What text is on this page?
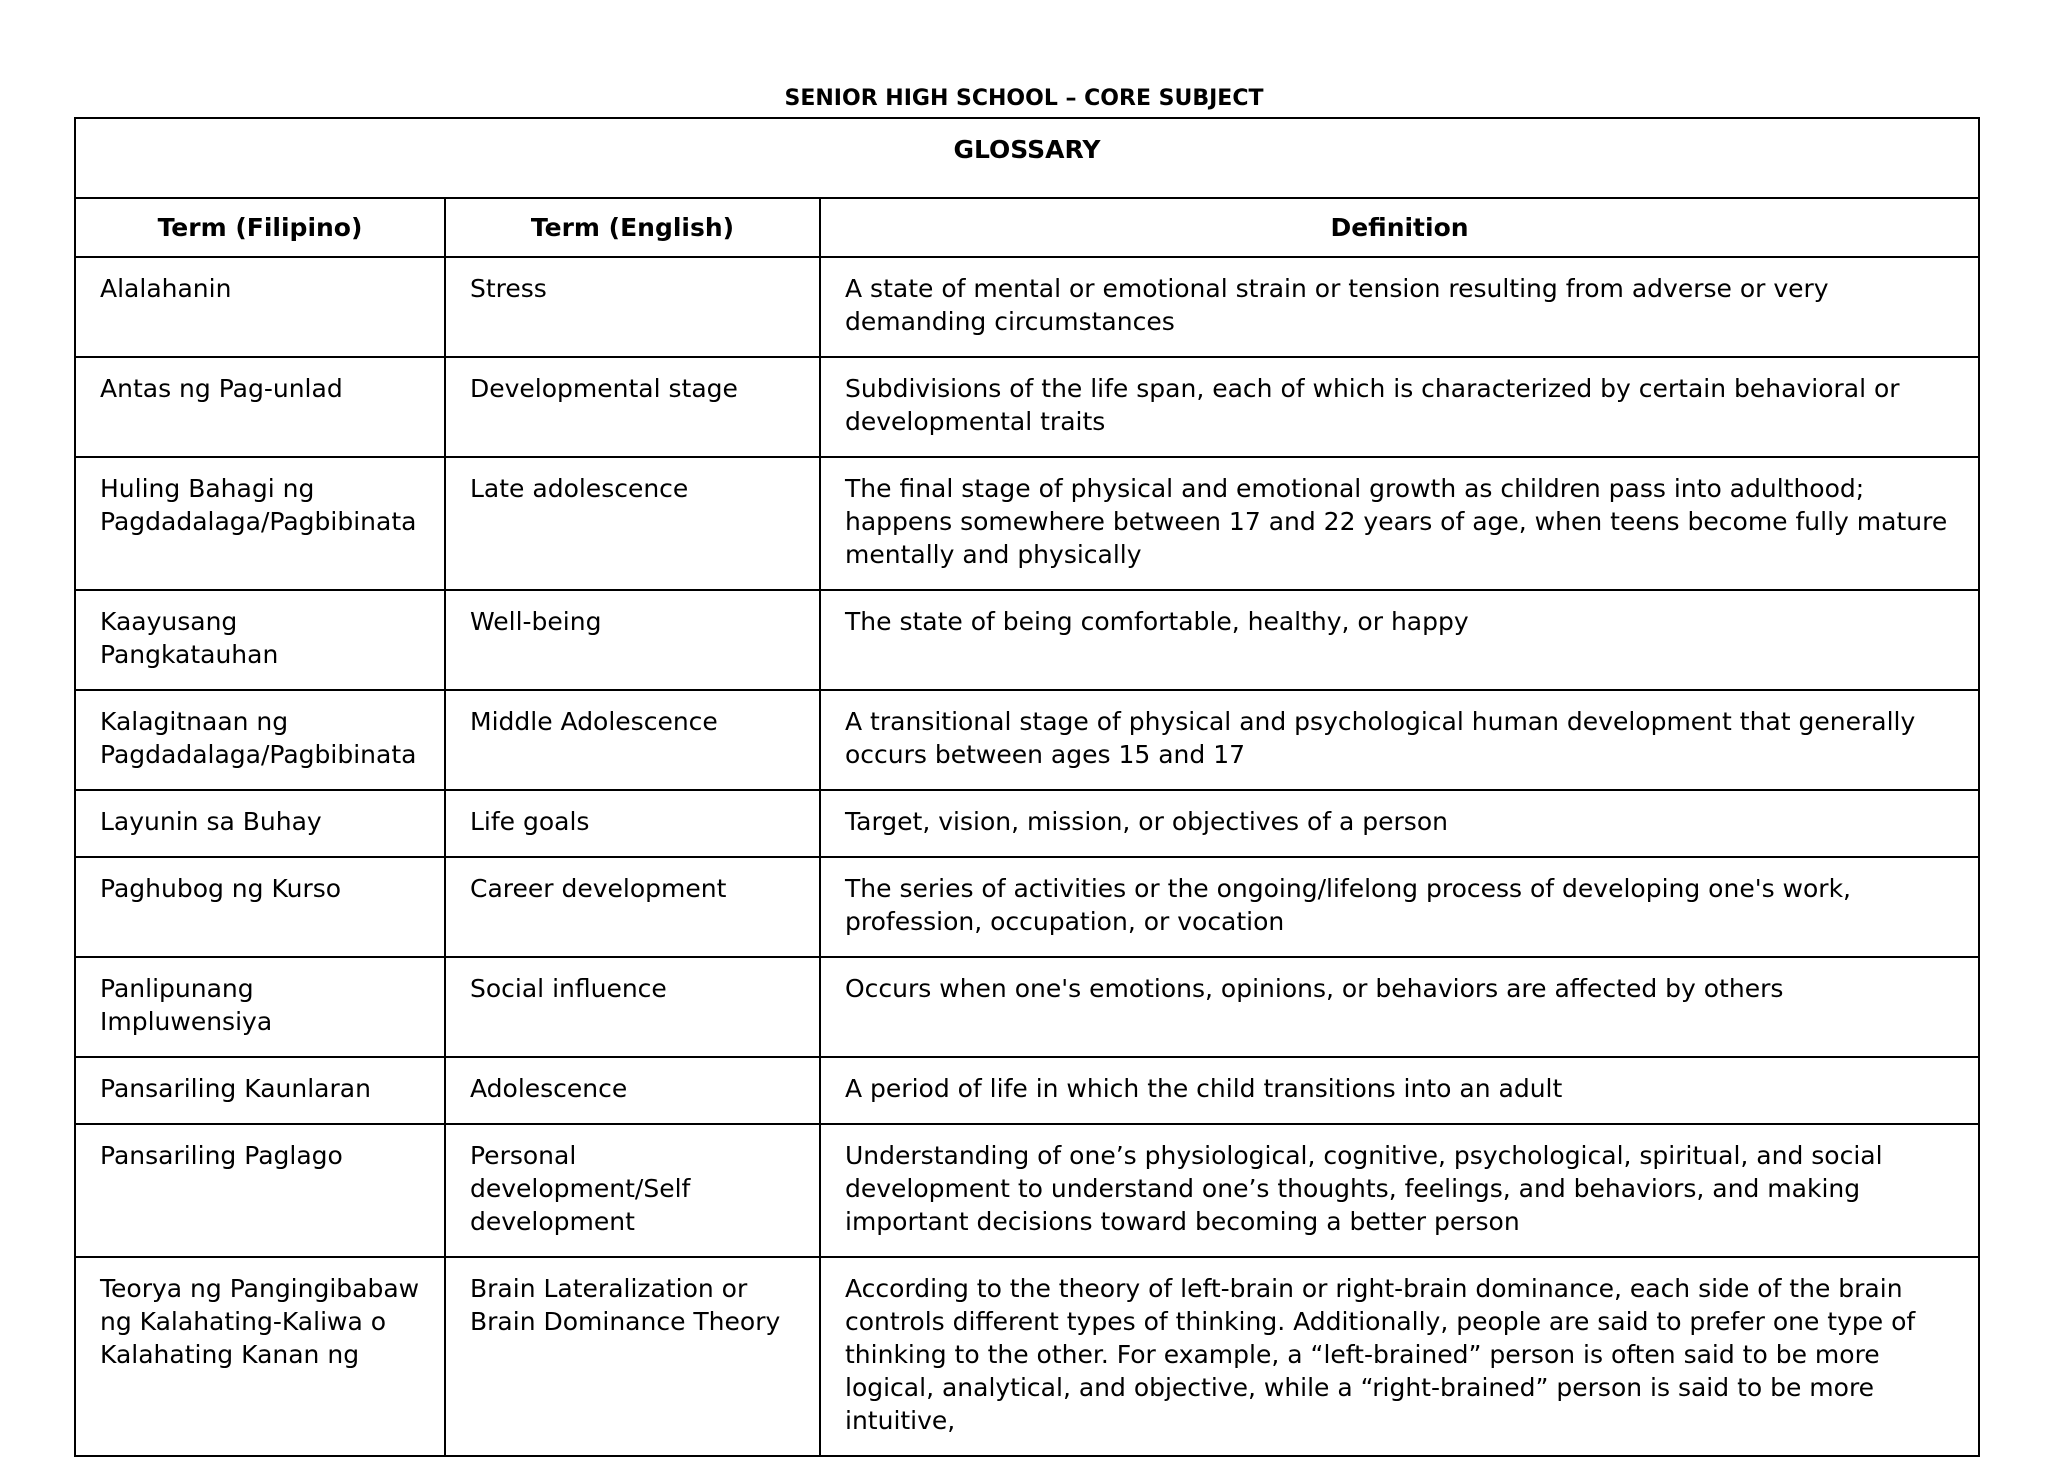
SENIOR HIGH SCHOOL – CORE SUBJECT
GLOSSARY		
Term (Filipino)	Term (English)	Definition
Alalahanin	Stress	A state of mental or emotional strain or tension resulting from adverse or very demanding circumstances
Antas ng Pag-unlad	Developmental stage	Subdivisions of the life span, each of which is characterized by certain behavioral or developmental traits
Huling Bahagi ng Pagdadalaga/Pagbibinata	Late adolescence	The final stage of physical and emotional growth as children pass into adulthood; happens somewhere between 17 and 22 years of age, when teens become fully mature mentally and physically
Kaayusang Pangkatauhan	Well-being	The state of being comfortable, healthy, or happy
Kalagitnaan ng Pagdadalaga/Pagbibinata	Middle Adolescence	A transitional stage of physical and psychological human development that generally occurs between ages 15 and 17
Layunin sa Buhay	Life goals	Target, vision, mission, or objectives of a person
Paghubog ng Kurso	Career development	The series of activities or the ongoing/lifelong process of developing one's work, profession, occupation, or vocation
Panlipunang Impluwensiya	Social influence	Occurs when one's emotions, opinions, or behaviors are affected by others
Pansariling Kaunlaran	Adolescence	A period of life in which the child transitions into an adult
Pansariling Paglago	Personal development/Self development	Understanding of one’s physiological, cognitive, psychological, spiritual, and social development to understand one’s thoughts, feelings, and behaviors, and making important decisions toward becoming a better person
Teorya ng Pangingibabaw ng Kalahating-Kaliwa o Kalahating Kanan ng	Brain Lateralization or Brain Dominance Theory	According to the theory of left-brain or right-brain dominance, each side of the brain controls different types of thinking. Additionally, people are said to prefer one type of thinking to the other. For example, a “left-brained” person is often said to be more logical, analytical, and objective, while a “right-brained” person is said to be more intuitive,
